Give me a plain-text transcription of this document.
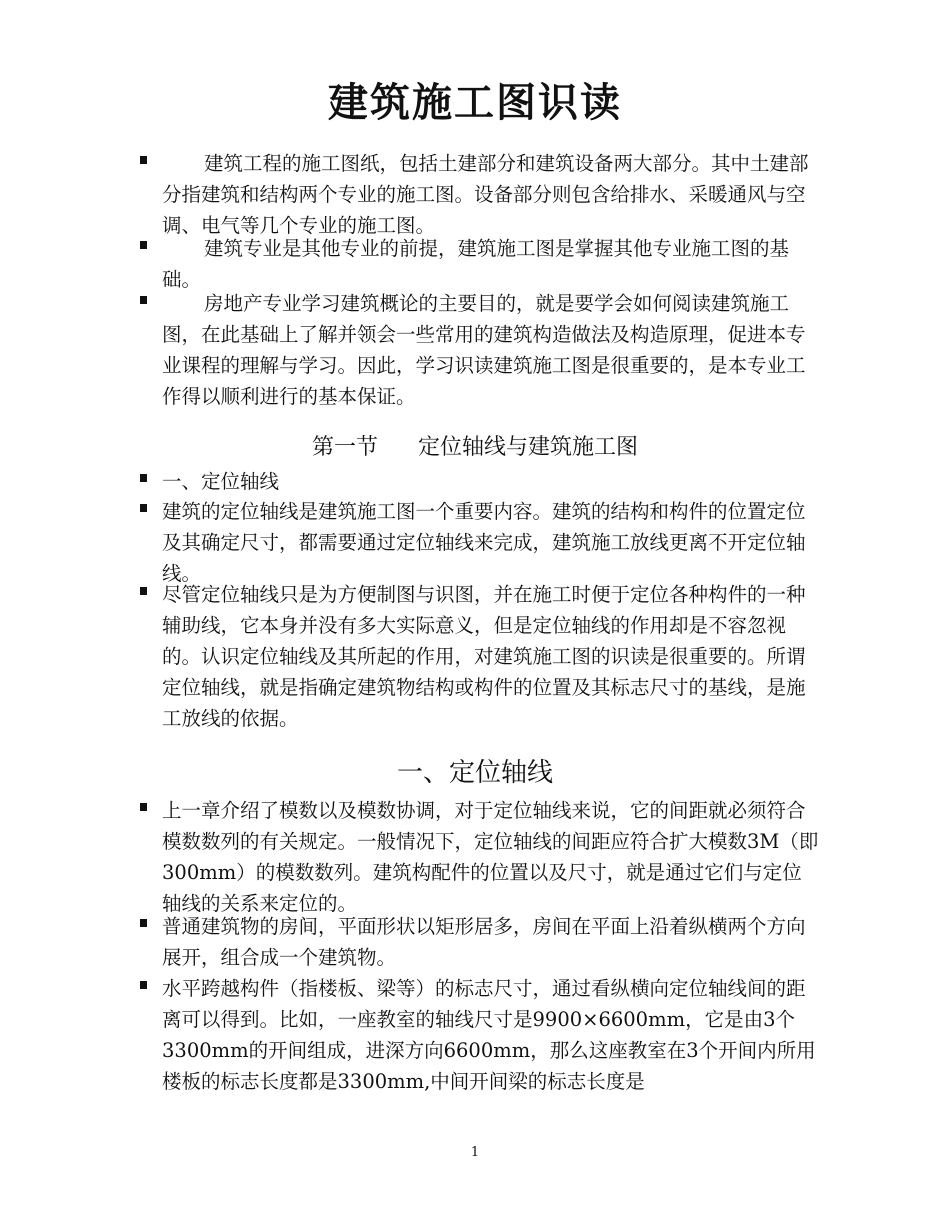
建筑施工图识读
建筑工程的施工图纸，包括土建部分和建筑设备两大部分。其中土建部分指建筑和结构两个专业的施工图。设备部分则包含给排水、采暖通风与空调、电气等几个专业的施工图。
建筑专业是其他专业的前提，建筑施工图是掌握其他专业施工图的基础。
房地产专业学习建筑概论的主要目的，就是要学会如何阅读建筑施工图，在此基础上了解并领会一些常用的建筑构造做法及构造原理，促进本专业课程的理解与学习。因此，学习识读建筑施工图是很重要的，是本专业工作得以顺利进行的基本保证。
第一节 定位轴线与建筑施工图
一、定位轴线
建筑的定位轴线是建筑施工图一个重要内容。建筑的结构和构件的位置定位及其确定尺寸，都需要通过定位轴线来完成，建筑施工放线更离不开定位轴线。
尽管定位轴线只是为方便制图与识图，并在施工时便于定位各种构件的一种辅助线，它本身并没有多大实际意义，但是定位轴线的作用却是不容忽视的。认识定位轴线及其所起的作用，对建筑施工图的识读是很重要的。所谓定位轴线，就是指确定建筑物结构或构件的位置及其标志尺寸的基线，是施工放线的依据。
一、定位轴线
上一章介绍了模数以及模数协调，对于定位轴线来说，它的间距就必须符合模数数列的有关规定。一般情况下，定位轴线的间距应符合扩大模数3M（即300mm）的模数数列。建筑构配件的位置以及尺寸，就是通过它们与定位轴线的关系来定位的。
普通建筑物的房间，平面形状以矩形居多，房间在平面上沿着纵横两个方向展开，组合成一个建筑物。
水平跨越构件（指楼板、梁等）的标志尺寸，通过看纵横向定位轴线间的距离可以得到。比如，一座教室的轴线尺寸是9900×6600mm，它是由3个3300mm的开间组成，进深方向6600mm，那么这座教室在3个开间内所用楼板的标志长度都是3300mm,中间开间梁的标志长度是
1
